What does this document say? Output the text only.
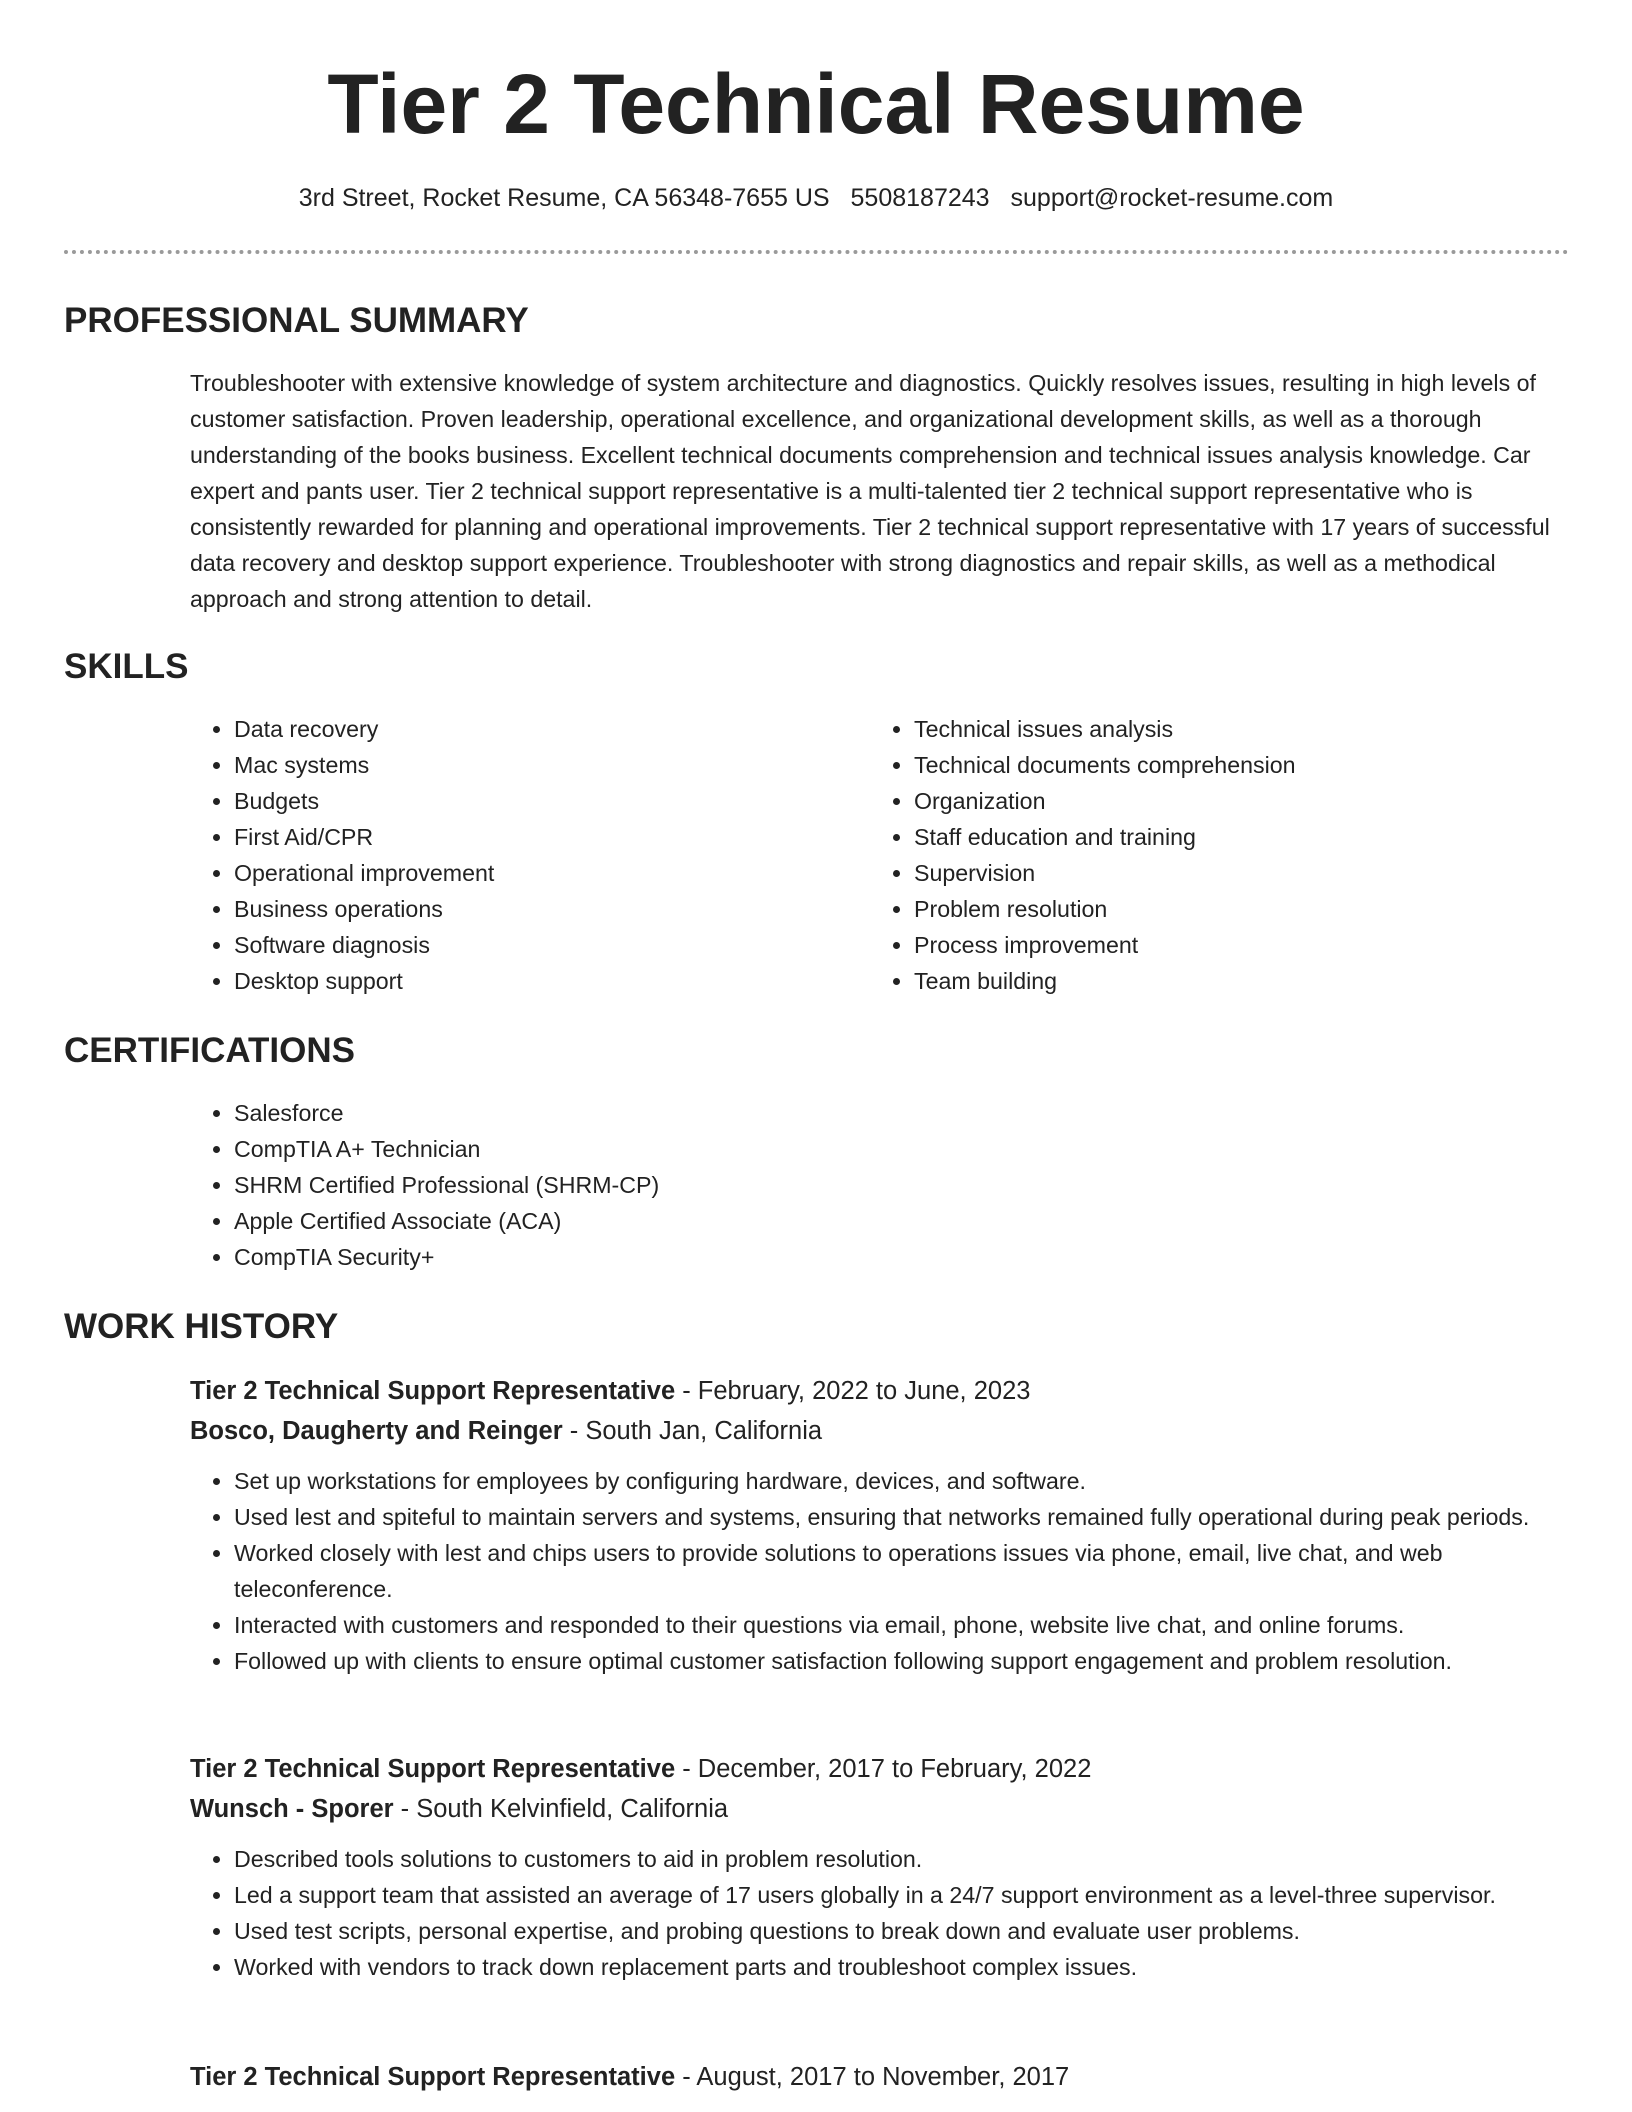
Tier 2 Technical Resume
3rd Street, Rocket Resume, CA 56348-7655 US 5508187243 support@rocket-resume.com
PROFESSIONAL SUMMARY

Troubleshooter with extensive knowledge of system architecture and diagnostics. Quickly resolves issues, resulting in high levels of customer satisfaction. Proven leadership, operational excellence, and organizational development skills, as well as a thorough understanding of the books business. Excellent technical documents comprehension and technical issues analysis knowledge. Car expert and pants user. Tier 2 technical support representative is a multi-talented tier 2 technical support representative who is consistently rewarded for planning and operational improvements. Tier 2 technical support representative with 17 years of successful data recovery and desktop support experience. Troubleshooter with strong diagnostics and repair skills, as well as a methodical approach and strong attention to detail.

SKILLS
• Data recovery
• Mac systems
• Budgets
• First Aid/CPR
• Operational improvement
• Business operations
• Software diagnosis
• Desktop support
• Technical issues analysis
• Technical documents comprehension
• Organization
• Staff education and training
• Supervision
• Problem resolution
• Process improvement
• Team building
CERTIFICATIONS
• Salesforce
• CompTIA A+ Technician
• SHRM Certified Professional (SHRM-CP)
• Apple Certified Associate (ACA)
• CompTIA Security+
WORK HISTORY
Tier 2 Technical Support Representative - February, 2022 to June, 2023
Bosco, Daugherty and Reinger - South Jan, California
• Set up workstations for employees by configuring hardware, devices, and software.
• Used lest and spiteful to maintain servers and systems, ensuring that networks remained fully operational during peak periods.
• Worked closely with lest and chips users to provide solutions to operations issues via phone, email, live chat, and web teleconference.
• Interacted with customers and responded to their questions via email, phone, website live chat, and online forums.
• Followed up with clients to ensure optimal customer satisfaction following support engagement and problem resolution.
Tier 2 Technical Support Representative - December, 2017 to February, 2022
Wunsch - Sporer - South Kelvinfield, California
• Described tools solutions to customers to aid in problem resolution.
• Led a support team that assisted an average of 17 users globally in a 24/7 support environment as a level-three supervisor.
• Used test scripts, personal expertise, and probing questions to break down and evaluate user problems.
• Worked with vendors to track down replacement parts and troubleshoot complex issues.
Tier 2 Technical Support Representative - August, 2017 to November, 2017
